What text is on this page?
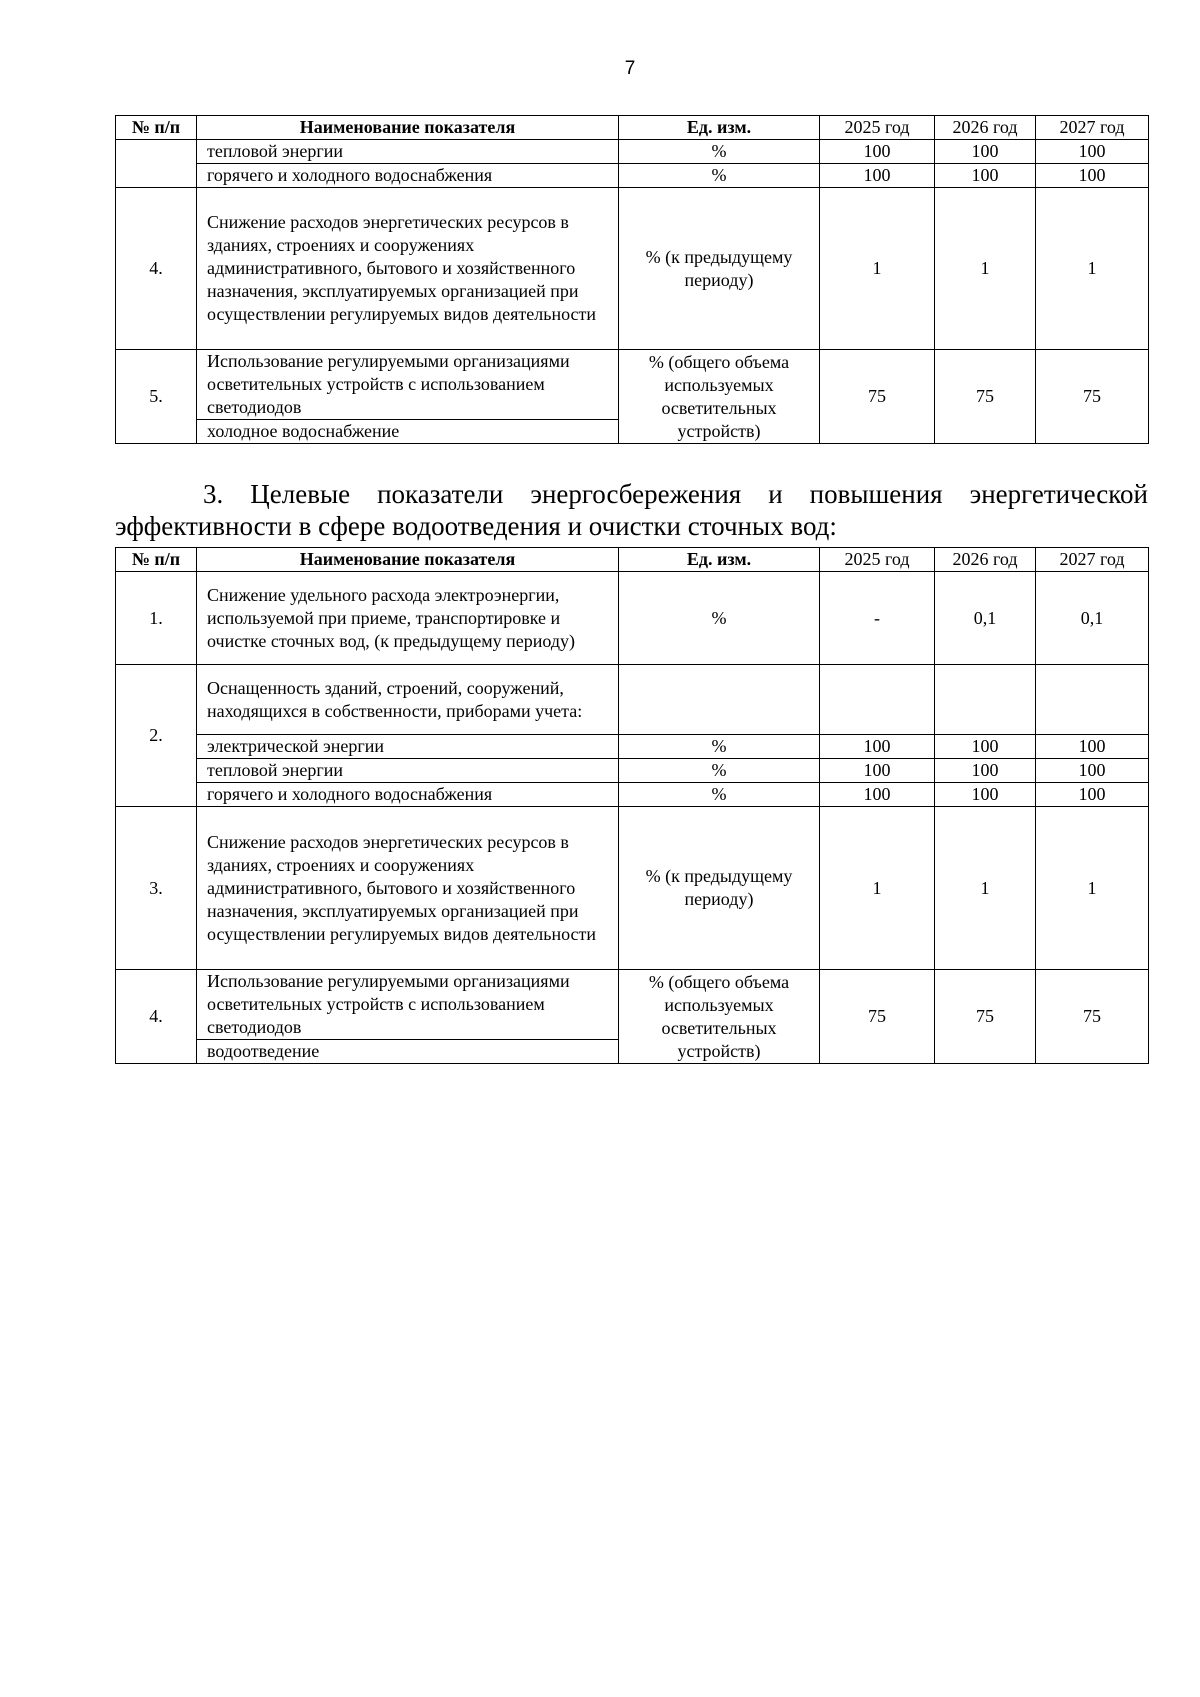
7
№ п/п	Наименование показателя	Ед. изм.	2025 год	2026 год	2027 год
	тепловой энергии	%	100	100	100
	горячего и холодного водоснабжения	%	100	100	100
4.	Снижение расходов энергетических ресурсов в зданиях, строениях и сооружениях административного, бытового и хозяйственного назначения, эксплуатируемых организацией при осуществлении регулируемых видов деятельности	% (к предыдущему периоду)	1	1	1
5.	Использование регулируемыми организациями осветительных устройств с использованием светодиодов	% (общего объема используемых осветительных устройств)	75	75	75
	холодное водоснабжение				
3. Целевые показатели энергосбережения и повышения энергетической
эффективности в сфере водоотведения и очистки сточных вод:
№ п/п	Наименование показателя	Ед. изм.	2025 год	2026 год	2027 год
1.	Снижение удельного расхода электроэнергии, используемой при приеме, транспортировке и очистке сточных вод, (к предыдущему периоду)	%	-	0,1	0,1
2.	Оснащенность зданий, строений, сооружений, находящихся в собственности, приборами учета:				
	электрической энергии	%	100	100	100
	тепловой энергии	%	100	100	100
	горячего и холодного водоснабжения	%	100	100	100
3.	Снижение расходов энергетических ресурсов в зданиях, строениях и сооружениях административного, бытового и хозяйственного назначения, эксплуатируемых организацией при осуществлении регулируемых видов деятельности	% (к предыдущему периоду)	1	1	1
4.	Использование регулируемыми организациями осветительных устройств с использованием светодиодов	% (общего объема используемых осветительных устройств)	75	75	75
	водоотведение				
